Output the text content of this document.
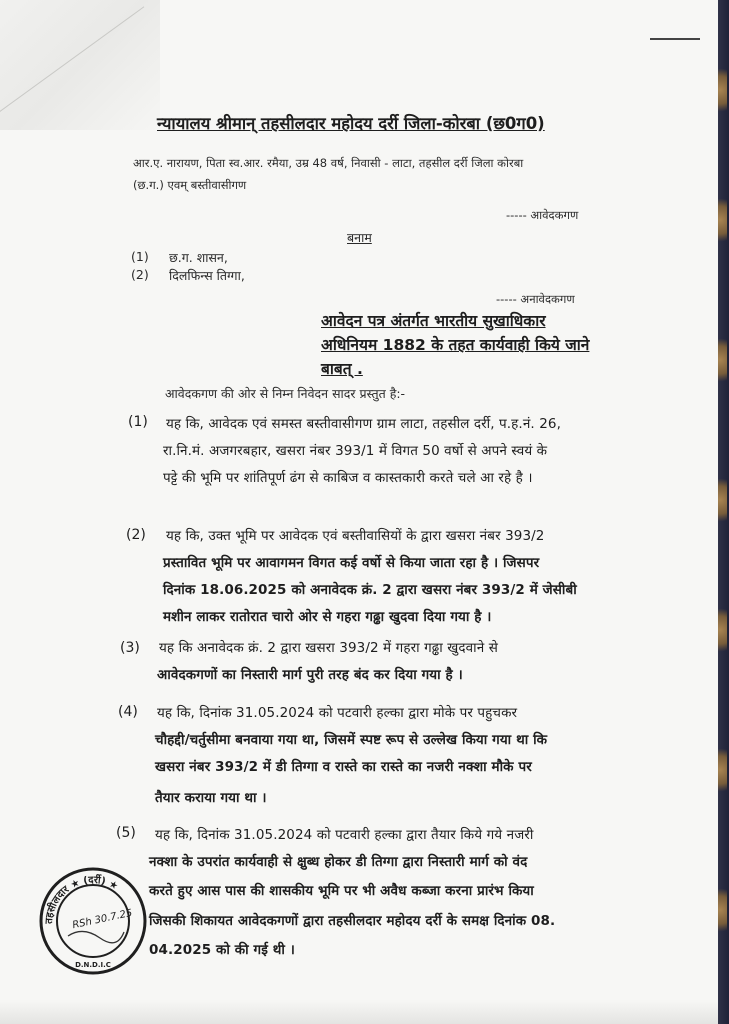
न्यायालय श्रीमान् तहसीलदार महोदय दर्री जिला-कोरबा (छ0ग0)
आर.ए. नारायण, पिता स्व.आर. रमैया, उम्र 48 वर्ष, निवासी - लाटा, तहसील दर्री जिला कोरबा
(छ.ग.) एवम् बस्तीवासीगण
----- आवेदकगण
बनाम
(1) छ.ग. शासन,
(2) दिलफिन्स तिग्गा,
----- अनावेदकगण
आवेदन पत्र अंतर्गत भारतीय सुखाधिकार
अधिनियम 1882 के तहत कार्यवाही किये जाने
बाबत् .
आवेदकगण की ओर से निम्न निवेदन सादर प्रस्तुत है:-
(1) यह कि, आवेदक एवं समस्त बस्तीवासीगण ग्राम लाटा, तहसील दर्री, प.ह.नं. 26,
रा.नि.मं. अजगरबहार, खसरा नंबर 393/1 में विगत 50 वर्षो से अपने स्वयं के
पट्टे की भूमि पर शांतिपूर्ण ढंग से काबिज व कास्तकारी करते चले आ रहे है ।
(2) यह कि, उक्त भूमि पर आवेदक एवं बस्तीवासियों के द्वारा खसरा नंबर 393/2
प्रस्तावित भूमि पर आवागमन विगत कई वर्षो से किया जाता रहा है । जिसपर
दिनांक 18.06.2025 को अनावेदक क्रं. 2 द्वारा खसरा नंबर 393/2 में जेसीबी
मशीन लाकर रातोरात चारो ओर से गहरा गढ्ढा खुदवा दिया गया है ।
(3) यह कि अनावेदक क्रं. 2 द्वारा खसरा 393/2 में गहरा गढ्ढा खुदवाने से
आवेदकगणों का निस्तारी मार्ग पुरी तरह बंद कर दिया गया है ।
(4) यह कि, दिनांक 31.05.2024 को पटवारी हल्का द्वारा मोके पर पहुचकर
चौहद्दी/चर्तुसीमा बनवाया गया था, जिसमें स्पष्ट रूप से उल्लेख किया गया था कि
खसरा नंबर 393/2 में डी तिग्गा व रास्ते का रास्ते का नजरी नक्शा मौके पर
तैयार कराया गया था ।
(5) यह कि, दिनांक 31.05.2024 को पटवारी हल्का द्वारा तैयार किये गये नजरी
नक्शा के उपरांत कार्यवाही से क्षुब्ध होकर डी तिग्गा द्वारा निस्तारी मार्ग को वंद
करते हुए आस पास की शासकीय भूमि पर भी अवैध कब्जा करना प्रारंभ किया
जिसकी शिकायत आवेदकगणों द्वारा तहसीलदार महोदय दर्री के समक्ष दिनांक 08.
04.2025 को की गई थी ।
तहसीलदार ★ (दर्री) ★
D.N.D.I.C
RSh 30.7.25
